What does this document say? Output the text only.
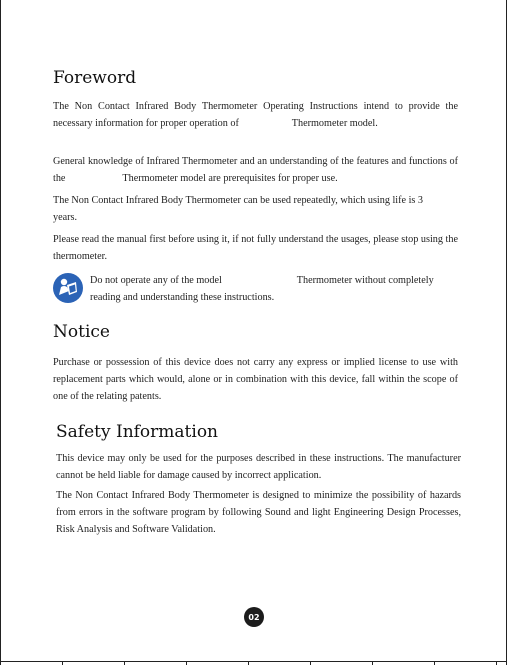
Foreword

The Non Contact Infrared Body Thermometer Operating Instructions intend to provide the necessary information for proper operation of	Thermometer model.

General knowledge of Infrared Thermometer and an understanding of the features and functions of the	Thermometer model are prerequisites for proper use.

The Non Contact Infrared Body Thermometer can be used repeatedly, which using life is 3 years.

Please read the manual first before using it, if not fully understand the usages, please stop using the thermometer.

Do not operate any of the model	Thermometer without completely reading and understanding these instructions.

Notice

Purchase or possession of this device does not carry any express or implied license to use with replacement parts which would, alone or in combination with this device, fall within the scope of one of the relating patents.

Safety Information

This device may only be used for the purposes described in these instructions. The manufacturer cannot be held liable for damage caused by incorrect application.

The Non Contact Infrared Body Thermometer is designed to minimize the possibility of hazards from errors in the software program by following Sound and light Engineering Design Processes, Risk Analysis and Software Validation.

02
